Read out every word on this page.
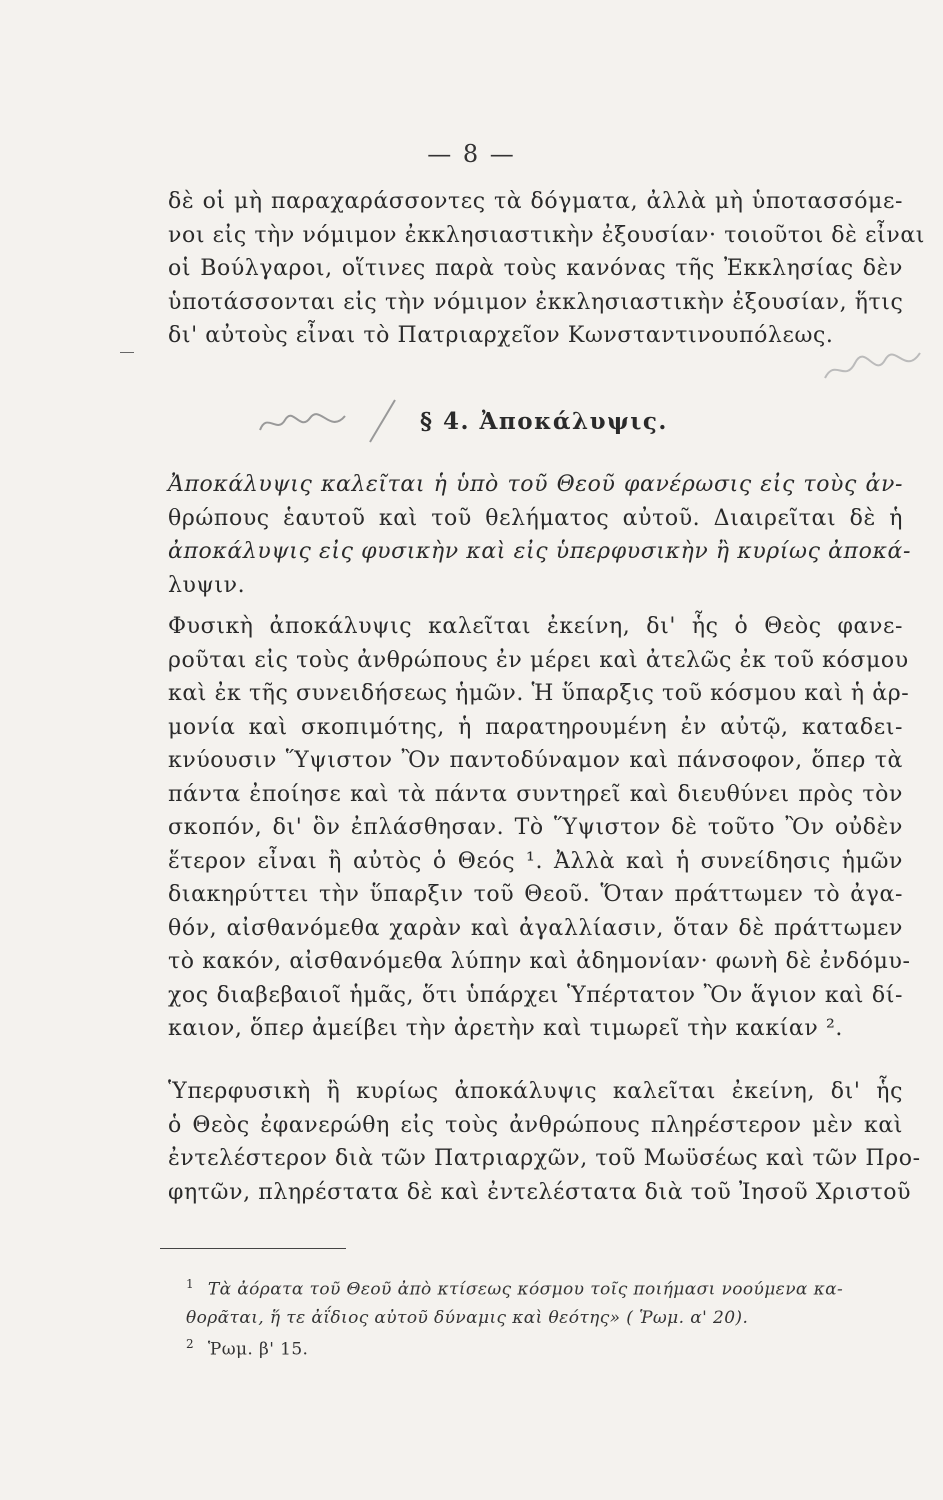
— 8 —
δὲ οἱ μὴ παραχαράσσοντες τὰ δόγματα, ἀλλὰ μὴ ὑποτασσόμε-
νοι εἰς τὴν νόμιμον ἐκκλησιαστικὴν ἐξουσίαν· τοιοῦτοι δὲ εἶναι
οἱ Βούλγαροι, οἵτινες παρὰ τοὺς κανόνας τῆς Ἐκκλησίας δὲν
ὑποτάσσονται εἰς τὴν νόμιμον ἐκκλησιαστικὴν ἐξουσίαν, ἥτις
δι' αὐτοὺς εἶναι τὸ Πατριαρχεῖον Κωνσταντινουπόλεως.
§ 4. Ἀποκάλυψις.
Ἀποκάλυψις καλεῖται ἡ ὑπὸ τοῦ Θεοῦ φανέρωσις εἰς τοὺς ἀν-
θρώπους ἑαυτοῦ καὶ τοῦ θελήματος αὐτοῦ. Διαιρεῖται δὲ ἡ
ἀποκάλυψις εἰς φυσικὴν καὶ εἰς ὑπερφυσικὴν ἢ κυρίως ἀποκά-
λυψιν.
Φυσικὴ ἀποκάλυψις καλεῖται ἐκείνη, δι' ἧς ὁ Θεὸς φανε-
ροῦται εἰς τοὺς ἀνθρώπους ἐν μέρει καὶ ἀτελῶς ἐκ τοῦ κόσμου
καὶ ἐκ τῆς συνειδήσεως ἡμῶν. Ἡ ὕπαρξις τοῦ κόσμου καὶ ἡ ἁρ-
μονία καὶ σκοπιμότης, ἡ παρατηρουμένη ἐν αὐτῷ, καταδει-
κνύουσιν Ὕψιστον Ὂν παντοδύναμον καὶ πάνσοφον, ὅπερ τὰ
πάντα ἐποίησε καὶ τὰ πάντα συντηρεῖ καὶ διευθύνει πρὸς τὸν
σκοπόν, δι' ὃν ἐπλάσθησαν. Τὸ Ὕψιστον δὲ τοῦτο Ὂν οὐδὲν
ἕτερον εἶναι ἢ αὐτὸς ὁ Θεός ¹. Ἀλλὰ καὶ ἡ συνείδησις ἡμῶν
διακηρύττει τὴν ὕπαρξιν τοῦ Θεοῦ. Ὅταν πράττωμεν τὸ ἀγα-
θόν, αἰσθανόμεθα χαρὰν καὶ ἀγαλλίασιν, ὅταν δὲ πράττωμεν
τὸ κακόν, αἰσθανόμεθα λύπην καὶ ἀδημονίαν· φωνὴ δὲ ἐνδόμυ-
χος διαβεβαιοῖ ἡμᾶς, ὅτι ὑπάρχει Ὑπέρτατον Ὂν ἅγιον καὶ δί-
καιον, ὅπερ ἀμείβει τὴν ἀρετὴν καὶ τιμωρεῖ τὴν κακίαν ².
Ὑπερφυσικὴ ἢ κυρίως ἀποκάλυψις καλεῖται ἐκείνη, δι' ἧς
ὁ Θεὸς ἐφανερώθη εἰς τοὺς ἀνθρώπους πληρέστερον μὲν καὶ
ἐντελέστερον διὰ τῶν Πατριαρχῶν, τοῦ Μωϋσέως καὶ τῶν Προ-
φητῶν, πληρέστατα δὲ καὶ ἐντελέστατα διὰ τοῦ Ἰησοῦ Χριστοῦ
$^1$ Τὰ ἀόρατα τοῦ Θεοῦ ἀπὸ κτίσεως κόσμου τοῖς ποιήμασι νοούμενα κα-
θορᾶται, ἥ τε ἀΐδιος αὐτοῦ δύναμις καὶ θεότης» ( Ῥωμ. α' 20).
$^2$ Ῥωμ. β' 15.
